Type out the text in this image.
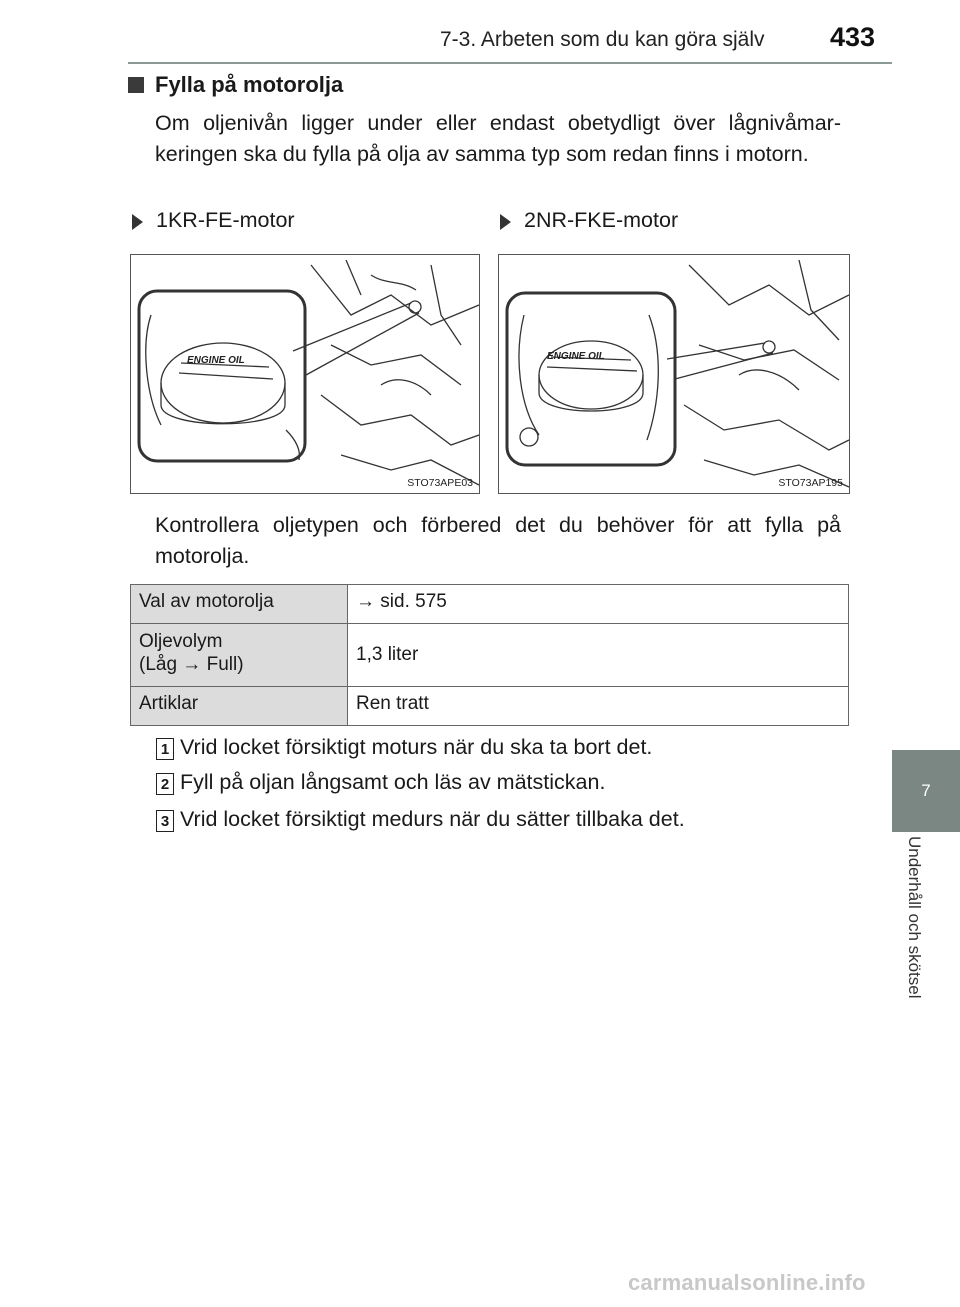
7-3. Arbeten som du kan göra själv 433
7
Underhåll och skötsel
Fylla på motorolja
Om oljenivån ligger under eller endast obetydligt över lågnivåmarkeringen ska du fylla på olja av samma typ som redan finns i motorn.
1KR-FE-motor	2NR-FKE-motor
ENGINE OIL
STO73APE03
ENGINE OIL
STO73AP195
Kontrollera oljetypen och förbered det du behöver för att fylla på motorolja.
Val av motorolja	→ sid. 575
Oljevolym
(Låg → Full)	1,3 liter
Artiklar	Ren tratt
1 Vrid locket försiktigt moturs när du ska ta bort det.
2 Fyll på oljan långsamt och läs av mätstickan.
3 Vrid locket försiktigt medurs när du sätter tillbaka det.
carmanualsonline.info
